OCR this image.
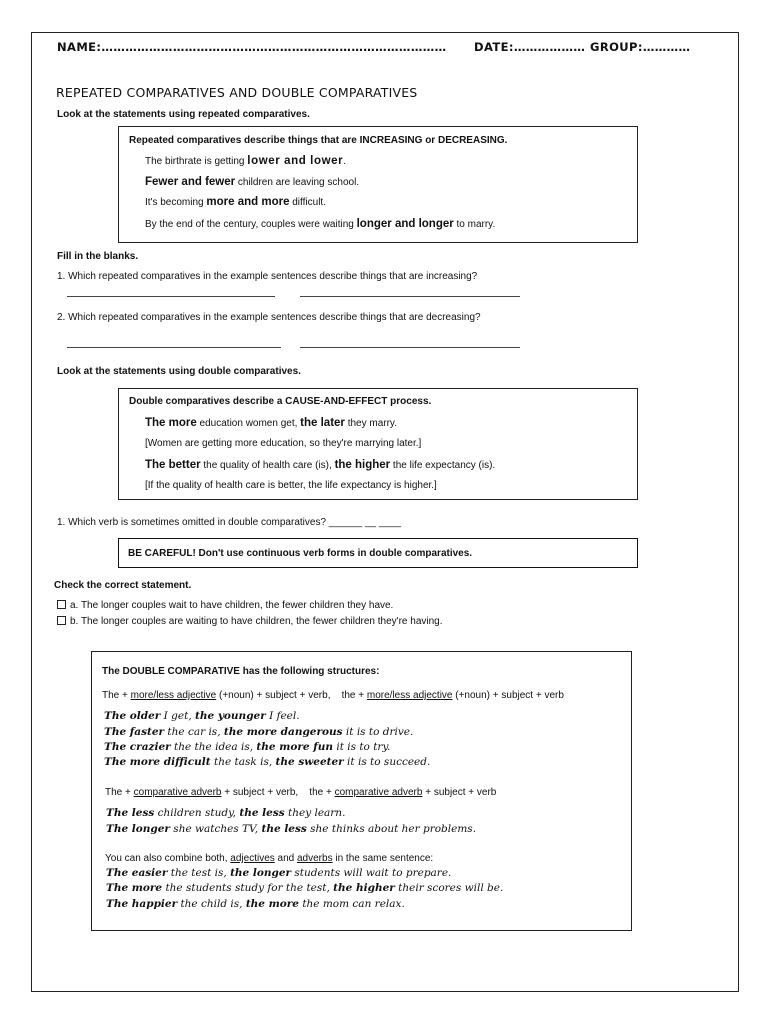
NAME:…………………………………………………………………………… DATE:……………… GROUP:…………
REPEATED COMPARATIVES AND DOUBLE COMPARATIVES
Look at the statements using repeated comparatives.
Repeated comparatives describe things that are INCREASING or DECREASING.
The birthrate is getting lower and lower.
Fewer and fewer children are leaving school.
It's becoming more and more difficult.
By the end of the century, couples were waiting longer and longer to marry.
Fill in the blanks.
1. Which repeated comparatives in the example sentences describe things that are increasing?
2. Which repeated comparatives in the example sentences describe things that are decreasing?
Look at the statements using double comparatives.
Double comparatives describe a CAUSE-AND-EFFECT process.
The more education women get, the later they marry.
[Women are getting more education, so they're marrying later.]
The better the quality of health care (is), the higher the life expectancy (is).
[If the quality of health care is better, the life expectancy is higher.]
1. Which verb is sometimes omitted in double comparatives? ______ __ ____
BE CAREFUL! Don't use continuous verb forms in double comparatives.
Check the correct statement.
a. The longer couples wait to have children, the fewer children they have.
b. The longer couples are waiting to have children, the fewer children they're having.
The DOUBLE COMPARATIVE has the following structures:
The + more/less adjective (+noun) + subject + verb,    the + more/less adjective (+noun) + subject + verb
The older I get, the younger I feel.
The faster the car is, the more dangerous it is to drive.
The crazier the the idea is, the more fun it is to try.
The more difficult the task is, the sweeter it is to succeed.
The + comparative adverb + subject + verb,    the + comparative adverb + subject + verb
The less children study, the less they learn.
The longer she watches TV, the less she thinks about her problems.
You can also combine both, adjectives and adverbs in the same sentence:
The easier the test is, the longer students will wait to prepare.
The more the students study for the test, the higher their scores will be.
The happier the child is, the more the mom can relax.
